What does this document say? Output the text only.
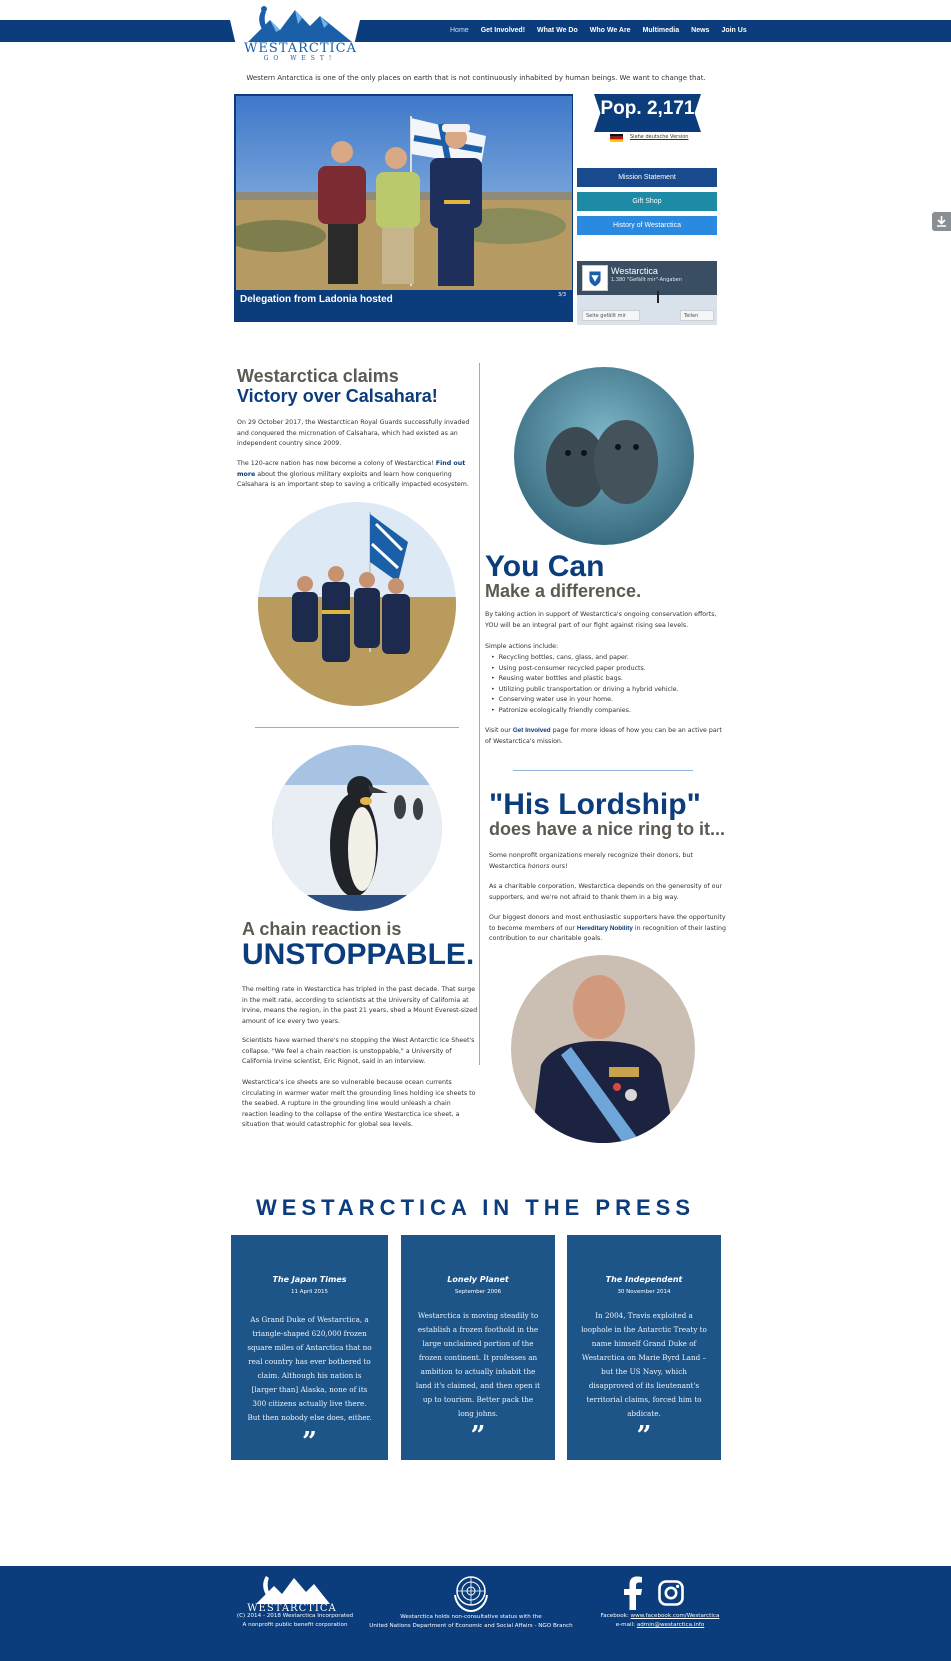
WESTARCTICA
GO WEST!
Home	Get Involved!	What We Do	Who We Are	Multimedia	News	Join Us
Western Antarctica is one of the only places on earth that is not continuously inhabited by human beings. We want to change that.
Delegation from Ladonia hosted	3/3
Pop. 2,171
Siehe deutsche Version
Mission Statement
Gift Shop
History of Westarctica
Westarctica
1.380 "Gefällt mir"-Angaben
Seite gefällt mir	Teilen
Westarctica claims
Victory over Calsahara!

On 29 October 2017, the Westarctican Royal Guards successfully invaded and conquered the micronation of Calsahara, which had existed as an independent country since 2009.

The 120-acre nation has now become a colony of Westarctica! Find out more about the glorious military exploits and learn how conquering Calsahara is an important step to saving a critically impacted ecosystem.

You Can
Make a difference.

By taking action in support of Westarctica's ongoing conservation efforts, YOU will be an integral part of our fight against rising sea levels.

Simple actions include:

• Recycling bottles, cans, glass, and paper.
• Using post-consumer recycled paper products.
• Reusing water bottles and plastic bags.
• Utilizing public transportation or driving a hybrid vehicle.
• Conserving water use in your home.
• Patronize ecologically friendly companies.

Visit our Get Involved page for more ideas of how you can be an active part of Westarctica's mission.

A chain reaction is
UNSTOPPABLE.

The melting rate in Westarctica has tripled in the past decade. That surge in the melt rate, according to scientists at the University of California at Irvine, means the region, in the past 21 years, shed a Mount Everest-sized amount of ice every two years.

Scientists have warned there's no stopping the West Antarctic Ice Sheet's collapse. "We feel a chain reaction is unstoppable," a University of California Irvine scientist, Eric Rignot, said in an interview.

Westarctica's ice sheets are so vulnerable because ocean currents circulating in warmer water melt the grounding lines holding ice sheets to the seabed. A rupture in the grounding line would unleash a chain reaction leading to the collapse of the entire Westarctica ice sheet, a situation that would catastrophic for global sea levels.

"His Lordship"
does have a nice ring to it...

Some nonprofit organizations merely recognize their donors, but Westarctica honors ours!

As a charitable corporation, Westarctica depends on the generosity of our supporters, and we're not afraid to thank them in a big way.

Our biggest donors and most enthusiastic supporters have the opportunity to become members of our Hereditary Nobility in recognition of their lasting contribution to our charitable goals.

WESTARCTICA IN THE PRESS
The Japan Times
11 April 2015
As Grand Duke of Westarctica, a triangle-shaped 620,000 frozen square miles of Antarctica that no real country has ever bothered to claim. Although his nation is [larger than] Alaska, none of its 300 citizens actually live there. But then nobody else does, either.
”
Lonely Planet
September 2006
Westarctica is moving steadily to establish a frozen foothold in the large unclaimed portion of the frozen continent. It professes an ambition to actually inhabit the land it's claimed, and then open it up to tourism. Better pack the long johns.
”
The Independent
30 November 2014
In 2004, Travis exploited a loophole in the Antarctic Treaty to name himself Grand Duke of Westarctica on Marie Byrd Land – but the US Navy, which disapproved of its lieutenant's territorial claims, forced him to abdicate.
”
WESTARCTICA
(C) 2014 - 2018 Westarctica Incorporated
A nonprofit public benefit corporation
Westarctica holds non-consultative status with the
United Nations Department of Economic and Social Affairs - NGO Branch
Facebook: www.facebook.com/Westarctica
e-mail: admin@westarctica.info
